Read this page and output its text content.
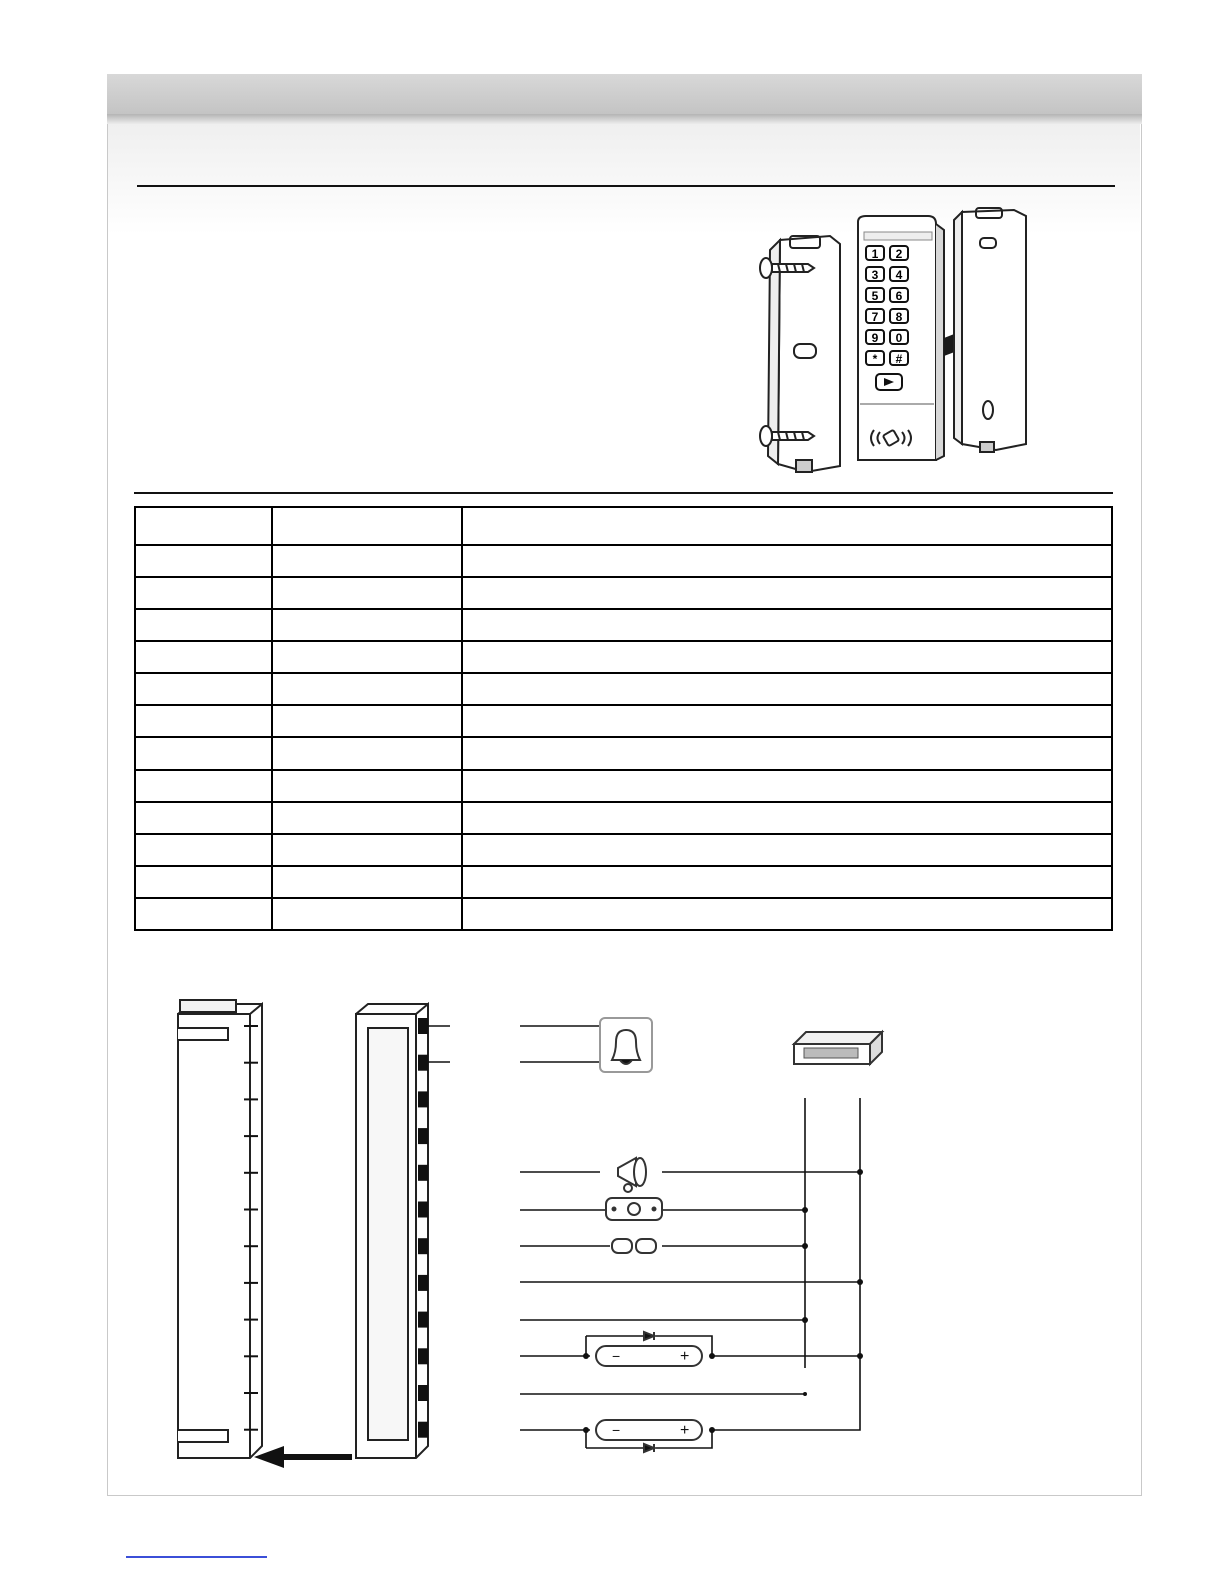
1 2
3 4
5 6
7 8
9 0
* #

−	+
−	+
